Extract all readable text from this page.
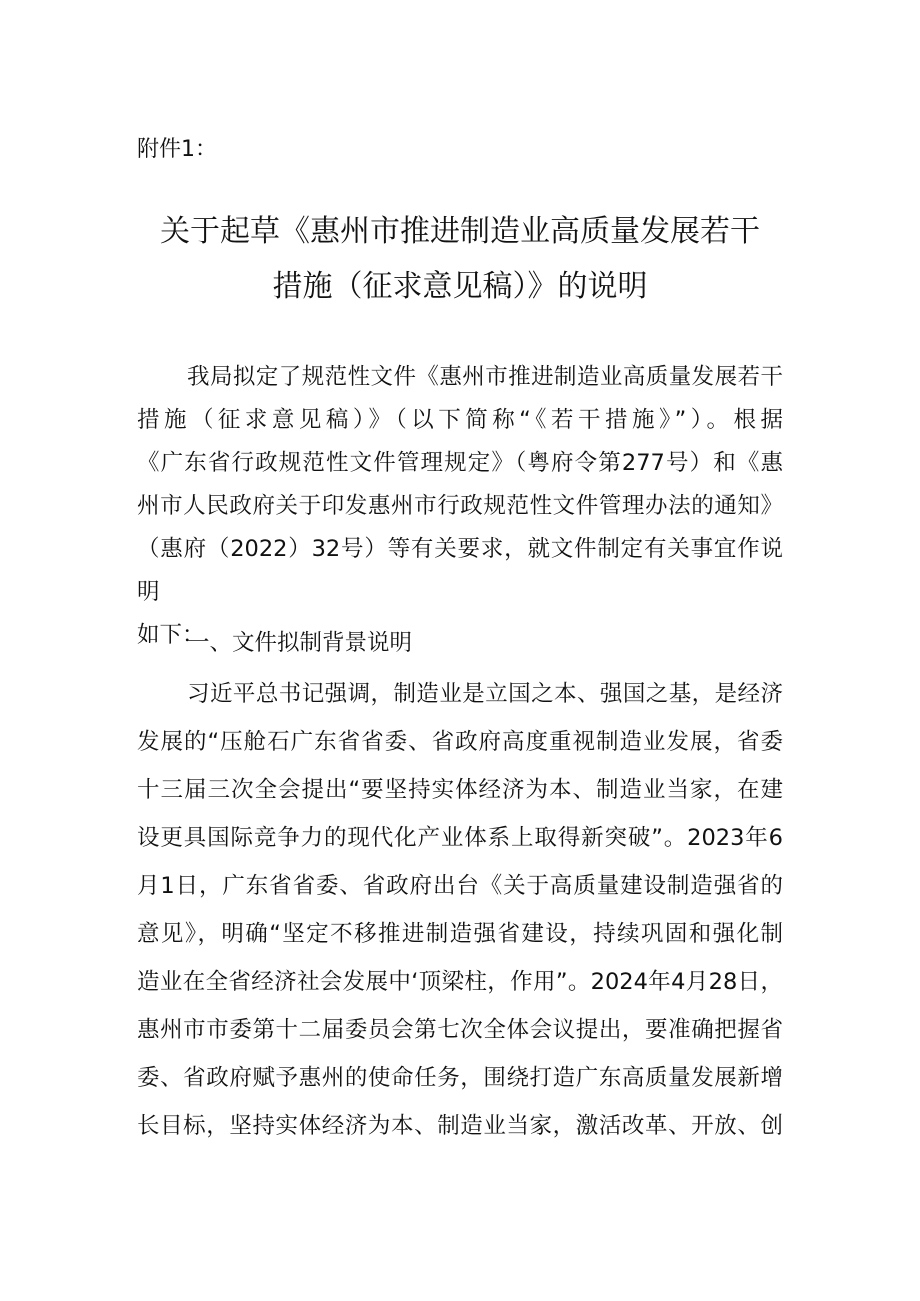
附件1：
关于起草《惠州市推进制造业高质量发展若干
措施（征求意见稿）》的说明
我局拟定了规范性文件《惠州市推进制造业高质量发展若干
措施（征求意见稿）》（以下简称“《若干措施》”）。根据
《广东省行政规范性文件管理规定》（粤府令第277号）和《惠
州市人民政府关于印发惠州市行政规范性文件管理办法的通知》
（惠府（2022）32号）等有关要求，就文件制定有关事宜作说明
如下：
一、文件拟制背景说明
习近平总书记强调，制造业是立国之本、强国之基，是经济
发展的“压舱石广东省省委、省政府高度重视制造业发展，省委
十三届三次全会提出“要坚持实体经济为本、制造业当家，在建
设更具国际竞争力的现代化产业体系上取得新突破”。2023年6
月1日，广东省省委、省政府出台《关于高质量建设制造强省的
意见》，明确“坚定不移推进制造强省建设，持续巩固和强化制
造业在全省经济社会发展中‘顶梁柱，作用”。2024年4月28日，
惠州市市委第十二届委员会第七次全体会议提出，要准确把握省
委、省政府赋予惠州的使命任务，围绕打造广东高质量发展新增
长目标，坚持实体经济为本、制造业当家，激活改革、开放、创
